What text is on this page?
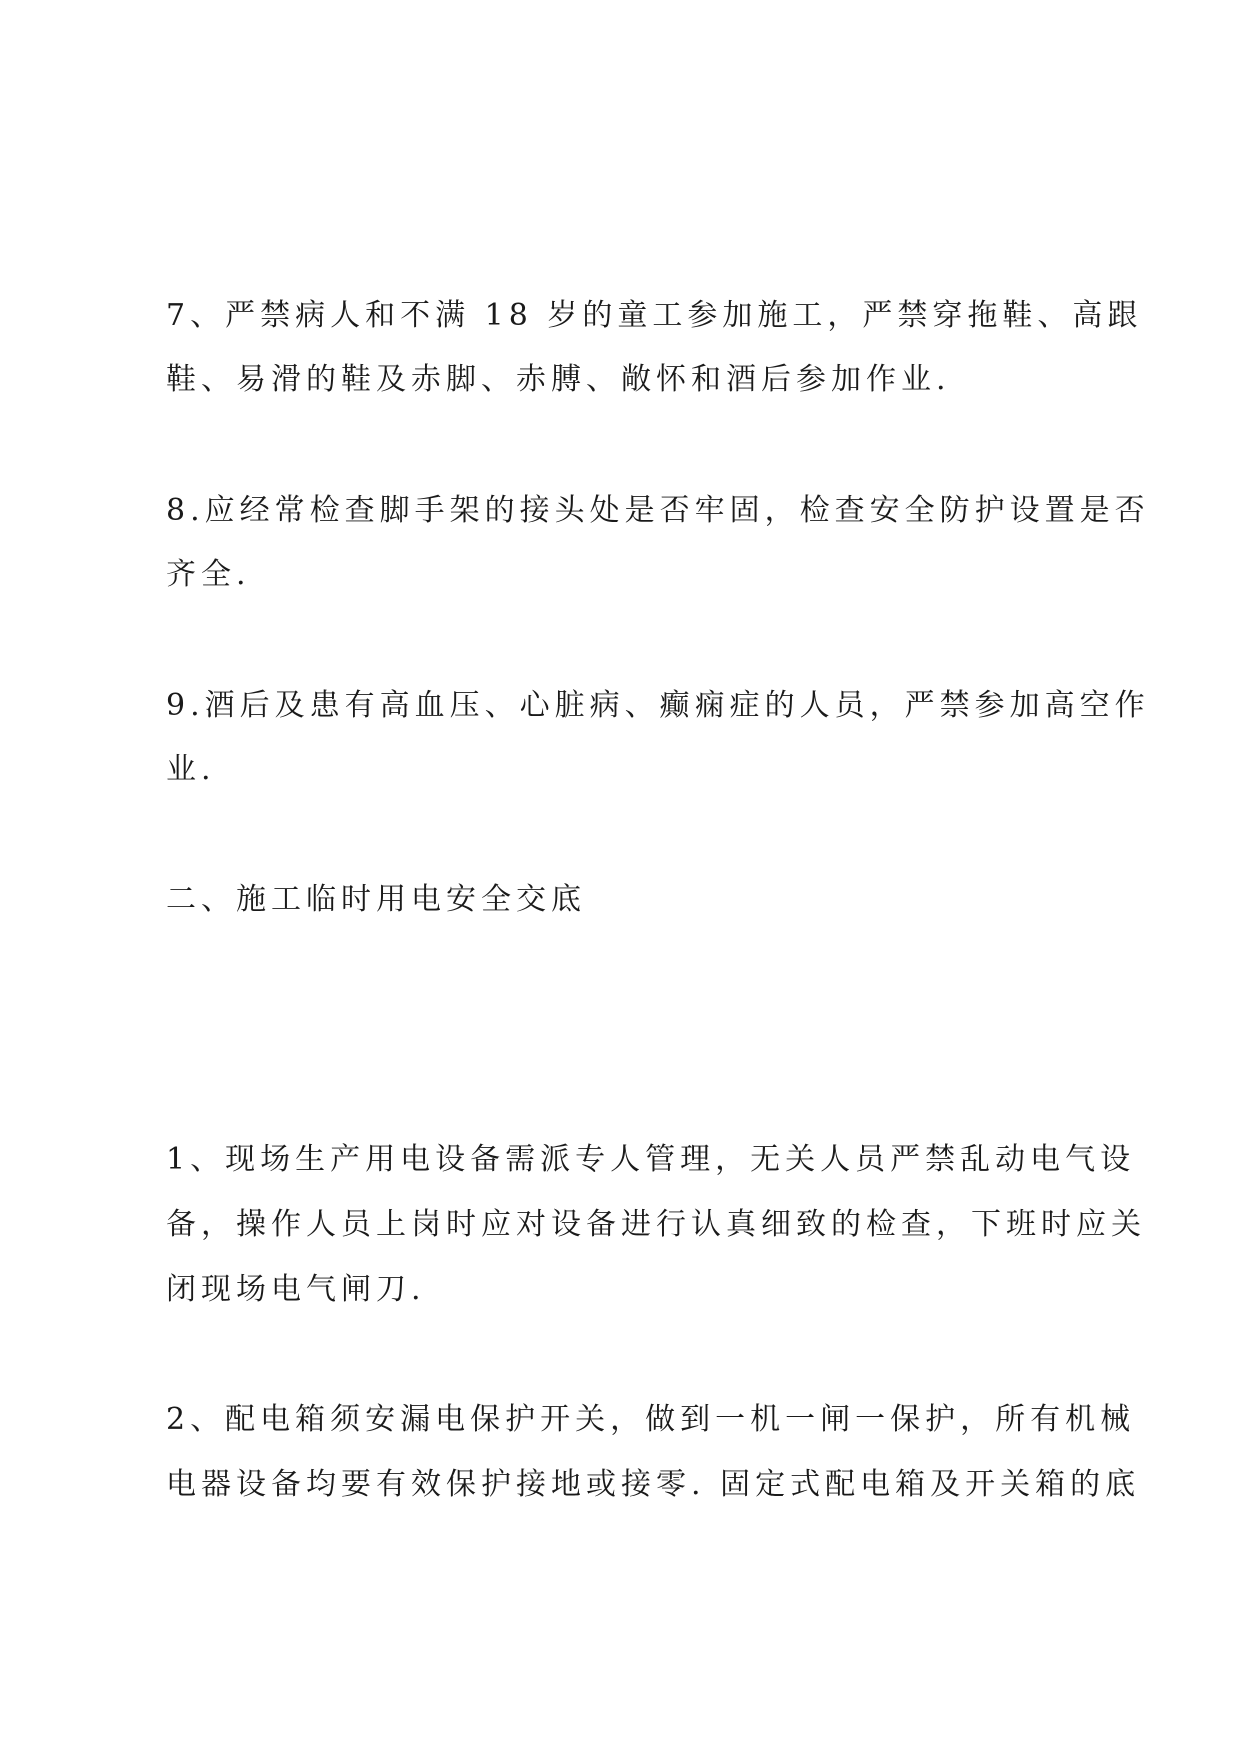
7、严禁病人和不满 18 岁的童工参加施工，严禁穿拖鞋、高跟
鞋、易滑的鞋及赤脚、赤膊、敞怀和酒后参加作业.
8.应经常检查脚手架的接头处是否牢固，检查安全防护设置是否
齐全.
9.酒后及患有高血压、心脏病、癫痫症的人员，严禁参加高空作
业.
二、施工临时用电安全交底
1、现场生产用电设备需派专人管理，无关人员严禁乱动电气设
备，操作人员上岗时应对设备进行认真细致的检查，下班时应关
闭现场电气闸刀.
2、配电箱须安漏电保护开关，做到一机一闸一保护，所有机械
电器设备均要有效保护接地或接零. 固定式配电箱及开关箱的底
